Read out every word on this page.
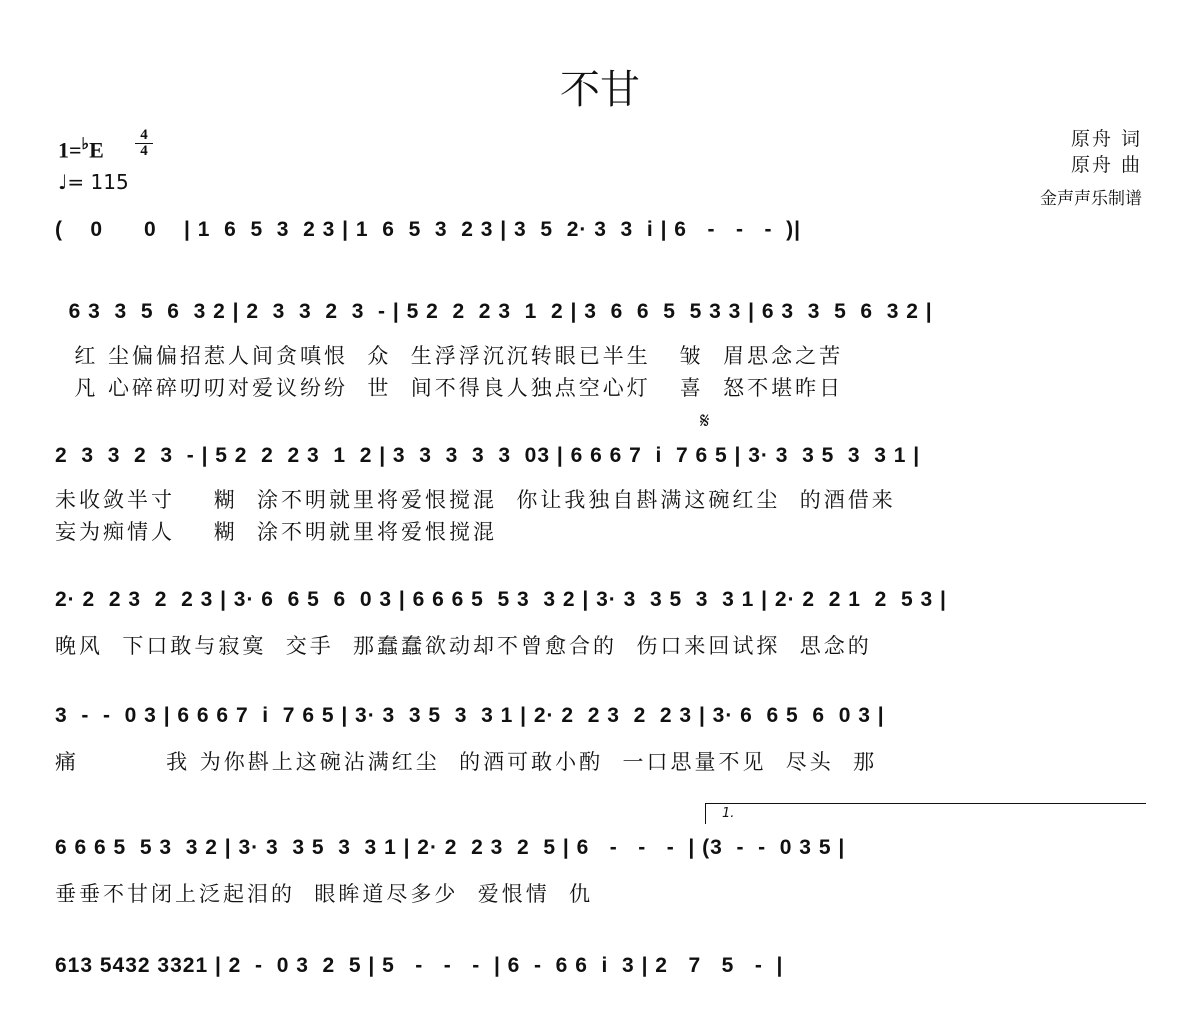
不甘
1=♭E
4
4
♩= 115
原舟 词
原舟 曲
金声声乐制谱
𝄋
1.
(    0      0    | 1  6  5  3  2 3 | 1  6  5  3  2 3 | 3  5  2· 3  3  i | 6   -   -   -  )|
6 3  3  5  6  3 2 | 2  3  3  2  3  - | 5 2  2  2 3  1  2 | 3  6  6  5  5 3 3 | 6 3  3  5  6  3 2 |
红 尘偏偏招惹人间贪嗔恨  众  生浮浮沉沉转眼已半生   皱  眉思念之苦
凡 心碎碎叨叨对爱议纷纷  世  间不得良人独点空心灯   喜  怒不堪昨日
2  3  3  2  3  - | 5 2  2  2 3  1  2 | 3  3  3  3  3  03 | 6 6 6 7  i  7 6 5 | 3· 3  3 5  3  3 1 |
未收敛半寸    糊  涂不明就里将爱恨搅混  你让我独自斟满这碗红尘  的酒借来
妄为痴情人    糊  涂不明就里将爱恨搅混
2· 2  2 3  2  2 3 | 3· 6  6 5  6  0 3 | 6 6 6 5  5 3  3 2 | 3· 3  3 5  3  3 1 | 2· 2  2 1  2  5 3 |
晚风  下口敢与寂寞  交手  那蠢蠢欲动却不曾愈合的  伤口来回试探  思念的
3  -  -  0 3 | 6 6 6 7  i  7 6 5 | 3· 3  3 5  3  3 1 | 2· 2  2 3  2  2 3 | 3· 6  6 5  6  0 3 |
痛         我 为你斟上这碗沾满红尘  的酒可敢小酌  一口思量不见  尽头  那
6 6 6 5  5 3  3 2 | 3· 3  3 5  3  3 1 | 2· 2  2 3  2  5 | 6   -   -   -  | (3  -  -  0 3 5 |
垂垂不甘闭上泛起泪的  眼眸道尽多少  爱恨情  仇
613 5432 3321 | 2  -  0 3  2  5 | 5   -   -   -  | 6  -  6 6  i  3 | 2   7   5   -  |
